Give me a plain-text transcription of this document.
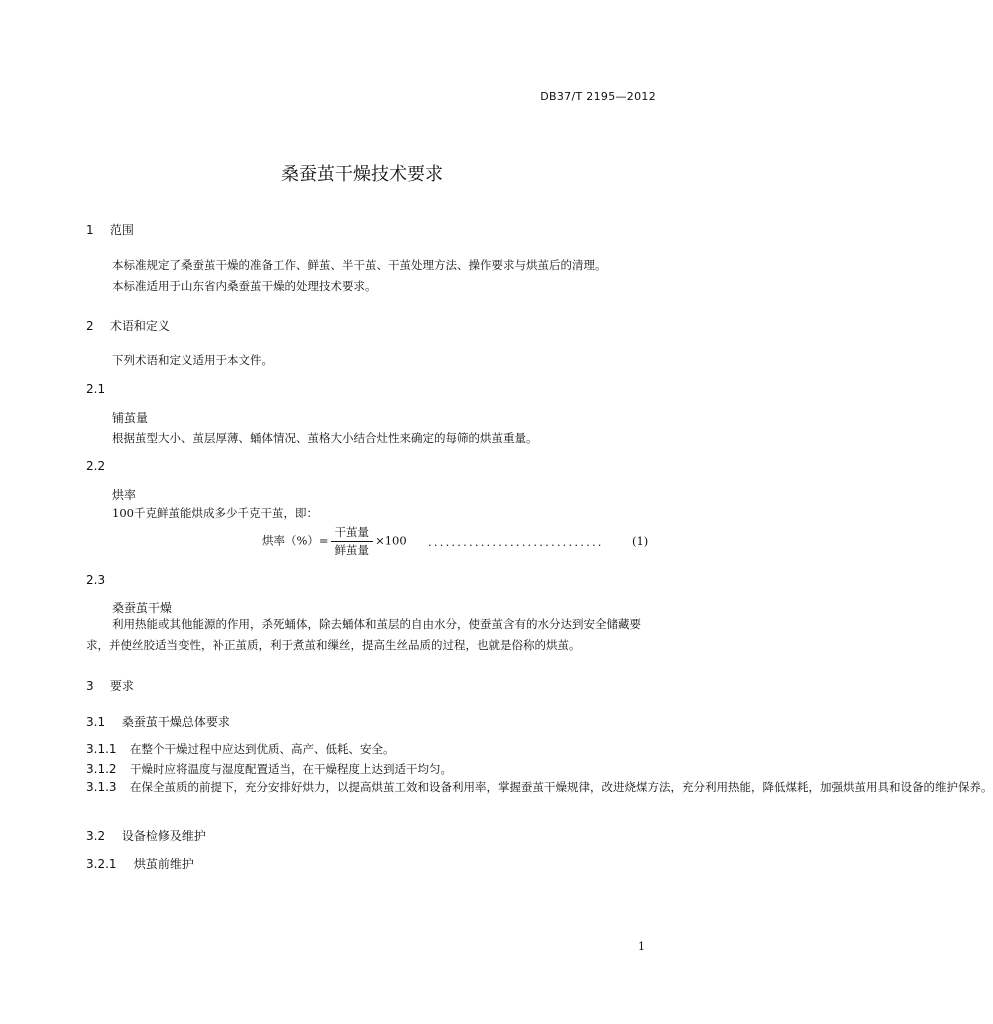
DB37/T 2195—2012
桑蚕茧干燥技术要求
1 范围
本标准规定了桑蚕茧干燥的准备工作、鲜茧、半干茧、干茧处理方法、操作要求与烘茧后的清理。
本标准适用于山东省内桑蚕茧干燥的处理技术要求。
2 术语和定义
下列术语和定义适用于本文件。
2.1
铺茧量
根据茧型大小、茧层厚薄、蛹体情况、茧格大小结合灶性来确定的每筛的烘茧重量。
2.2
烘率
100千克鲜茧能烘成多少千克干茧，即：
烘率（%）= $\frac{\text{干茧量}}{\text{鲜茧量}} \times 100$ .............................. (1)
2.3
桑蚕茧干燥
利用热能或其他能源的作用，杀死蛹体，除去蛹体和茧层的自由水分，使蚕茧含有的水分达到安全储藏要求，并使丝胶适当变性，补正茧质，利于煮茧和缫丝，提高生丝品质的过程，也就是俗称的烘茧。
3 要求
3.1 桑蚕茧干燥总体要求
3.1.1 在整个干燥过程中应达到优质、高产、低耗、安全。
3.1.2 干燥时应将温度与湿度配置适当，在干燥程度上达到适干均匀。
3.1.3 在保全茧质的前提下，充分安排好烘力，以提高烘茧工效和设备利用率，掌握蚕茧干燥规律，改进烧煤方法，充分利用热能，降低煤耗，加强烘茧用具和设备的维护保养。
3.2 设备检修及维护
3.2.1 烘茧前维护
1
